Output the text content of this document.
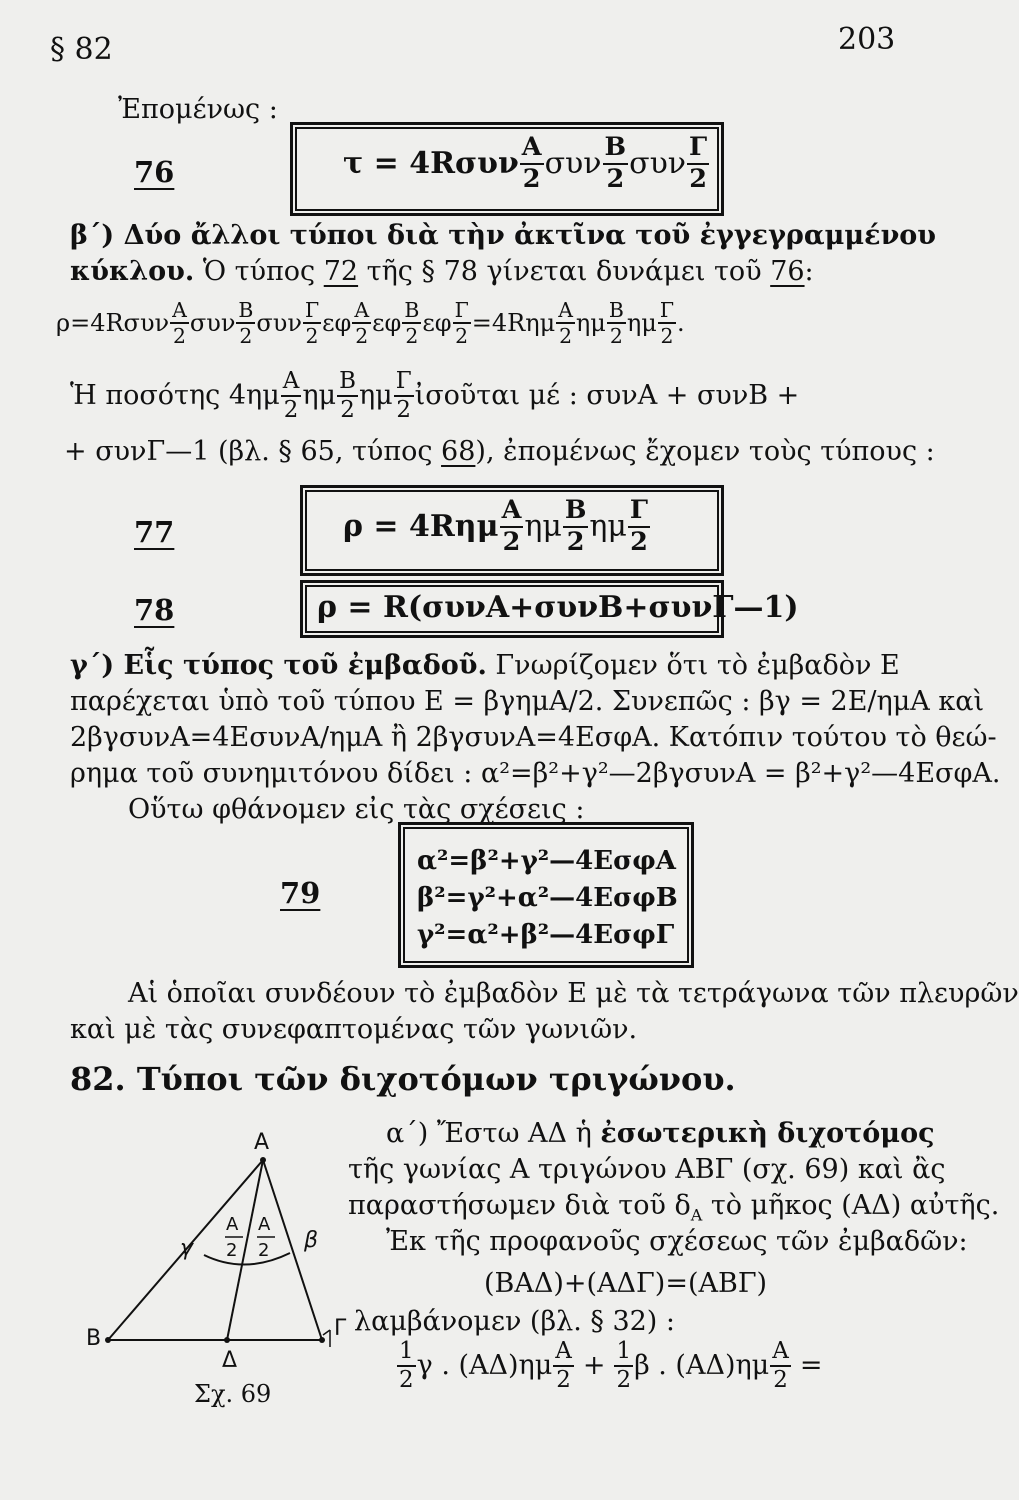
§ 82	203
Ἐπομένως :
76	$\tau = 4R\sigma\upsilon\nu \frac{A}{2}$ συν $\frac{B}{2}$ συν $\frac{\Gamma}{2}$
β΄) Δύο ἄλλοι τύποι διὰ τὴν ἀκτῖνα τοῦ ἐγγεγραμμένου
κύκλου. Ὁ τύπος 72 τῆς § 78 γίνεται δυνάμει τοῦ 76:
$\rho=4R\sigma\upsilon\nu \frac{A}{2}$ συν $\frac{B}{2}$ συν $\frac{\Gamma}{2}$ εφ $\frac{A}{2}$ εφ $\frac{B}{2}$ εφ $\frac{\Gamma}{2} =4R\eta\mu \frac{A}{2}$ ημ $\frac{B}{2}$ ημ $\frac{\Gamma}{2}$ .
Ἡ ποσότης $4\eta\mu \frac{A}{2}$ ημ $\frac{B}{2}$ ημ $\frac{\Gamma}{2}$ ἰσοῦται μέ : συνA + συνB +
+ συνΓ—1 (βλ. § 65, τύπος 68), ἐπομένως ἔχομεν τοὺς τύπους :
77	$\rho = 4R\eta\mu \frac{A}{2}$ ημ $\frac{B}{2}$ ημ $\frac{\Gamma}{2}$
78	ρ = R(συνA+συνB+συνΓ—1)
γ΄) Εἷς τύπος τοῦ ἐμβαδοῦ. Γνωρίζομεν ὅτι τὸ ἐμβαδὸν E
παρέχεται ὑπὸ τοῦ τύπου E = βγημA/2. Συνεπῶς : βγ = 2E/ημA καὶ
2βγσυνA=4EσυνA/ημA ἢ 2βγσυνA=4EσφA. Κατόπιν τούτου τὸ θεώ-
ρημα τοῦ συνημιτόνου δίδει : α²=β²+γ²—2βγσυνA = β²+γ²—4EσφA.
Οὕτω φθάνομεν εἰς τὰς σχέσεις :
79
α²=β²+γ²—4EσφA
β²=γ²+α²—4EσφB
γ²=α²+β²—4EσφΓ
Αἱ ὁποῖαι συνδέουν τὸ ἐμβαδὸν E μὲ τὰ τετράγωνα τῶν πλευρῶν
καὶ μὲ τὰς συνεφαπτομένας τῶν γωνιῶν.
82. Τύποι τῶν διχοτόμων τριγώνου.
α΄) Ἔστω AΔ ἡ ἐσωτερικὴ διχοτόμος
τῆς γωνίας A τριγώνου ABΓ (σχ. 69) καὶ ἂς
παραστήσωμεν διὰ τοῦ $\delta_A$ τὸ μῆκος (AΔ) αὐτῆς.
Ἐκ τῆς προφανοῦς σχέσεως τῶν ἐμβαδῶν:
(BAΔ)+(AΔΓ)=(ABΓ)
λαμβάνομεν (βλ. § 32) :
$\frac{1}{2}$ γ . $(A\Delta)\eta\mu \frac{A}{2} + \frac{1}{2}$ β . $(A\Delta)\eta\mu \frac{A}{2}$ =
A
B	Γ
Δ
γ	β
A
2
A
2
Σχ. 69
